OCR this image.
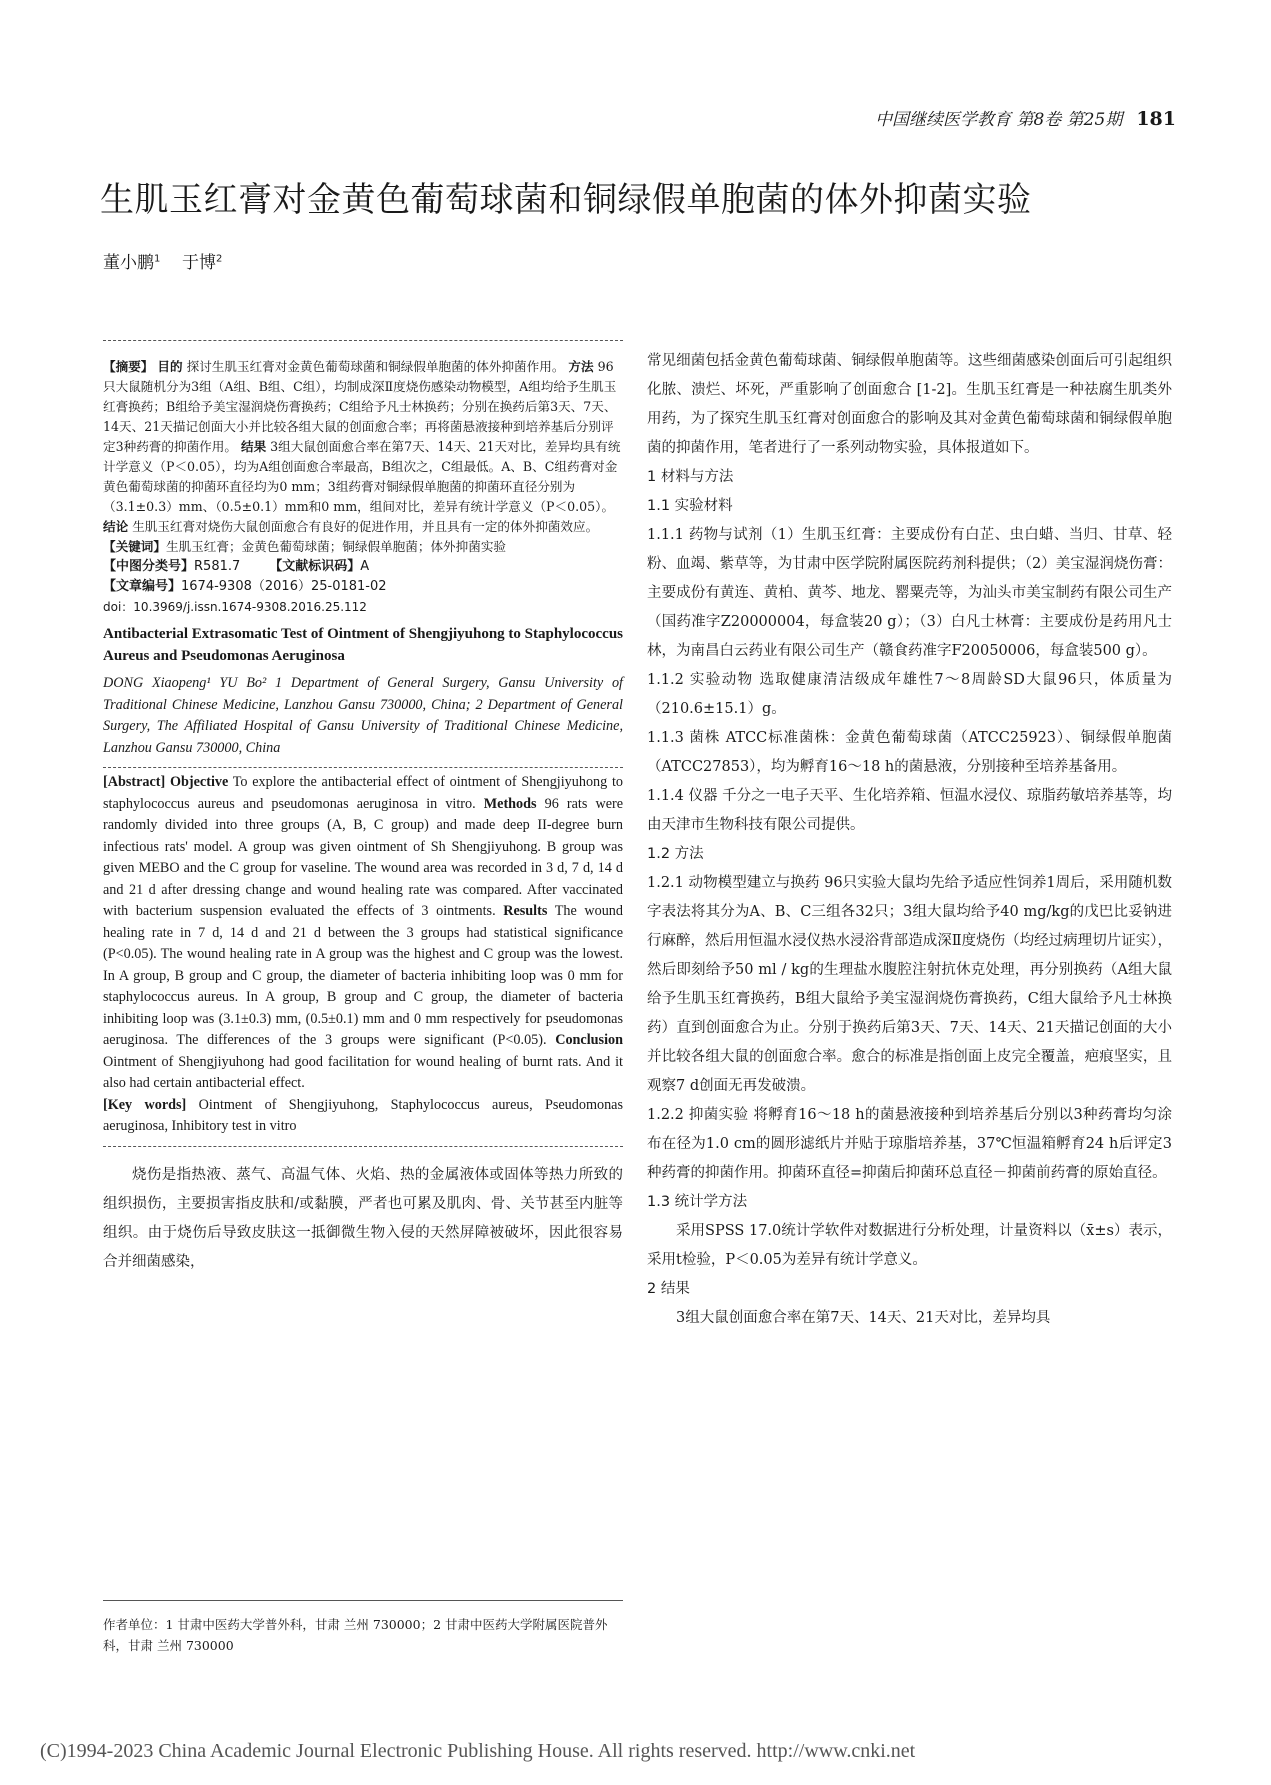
中国继续医学教育 第8卷 第25期 181
生肌玉红膏对金黄色葡萄球菌和铜绿假单胞菌的体外抑菌实验
董小鹏$^1$ 于博$^2$

【摘要】 目的 探讨生肌玉红膏对金黄色葡萄球菌和铜绿假单胞菌的体外抑菌作用。 方法 96只大鼠随机分为3组（A组、B组、C组），均制成深Ⅱ度烧伤感染动物模型，A组均给予生肌玉红膏换药；B组给予美宝湿润烧伤膏换药；C组给予凡士林换药；分别在换药后第3天、7天、14天、21天描记创面大小并比较各组大鼠的创面愈合率；再将菌悬液接种到培养基后分别评定3种药膏的抑菌作用。 结果 3组大鼠创面愈合率在第7天、14天、21天对比，差异均具有统计学意义（P＜0.05），均为A组创面愈合率最高，B组次之，C组最低。A、B、C组药膏对金黄色葡萄球菌的抑菌环直径均为0 mm；3组药膏对铜绿假单胞菌的抑菌环直径分别为（3.1±0.3）mm、（0.5±0.1）mm和0 mm，组间对比，差异有统计学意义（P＜0.05）。 结论 生肌玉红膏对烧伤大鼠创面愈合有良好的促进作用，并且具有一定的体外抑菌效应。

【关键词】生肌玉红膏；金黄色葡萄球菌；铜绿假单胞菌；体外抑菌实验

【中图分类号】R581.7 【文献标识码】A

【文章编号】1674-9308（2016）25-0181-02

doi：10.3969/j.issn.1674-9308.2016.25.112

Antibacterial Extrasomatic Test of Ointment of Shengjiyuhong to Staphylococcus Aureus and Pseudomonas Aeruginosa

DONG Xiaopeng¹ YU Bo² 1 Department of General Surgery, Gansu University of Traditional Chinese Medicine, Lanzhou Gansu 730000, China; 2 Department of General Surgery, The Affiliated Hospital of Gansu University of Traditional Chinese Medicine, Lanzhou Gansu 730000, China

[Abstract] Objective To explore the antibacterial effect of ointment of Shengjiyuhong to staphylococcus aureus and pseudomonas aeruginosa in vitro. Methods 96 rats were randomly divided into three groups (A, B, C group) and made deep II-degree burn infectious rats' model. A group was given ointment of Sh Shengjiyuhong. B group was given MEBO and the C group for vaseline. The wound area was recorded in 3 d, 7 d, 14 d and 21 d after dressing change and wound healing rate was compared. After vaccinated with bacterium suspension evaluated the effects of 3 ointments. Results The wound healing rate in 7 d, 14 d and 21 d between the 3 groups had statistical significance (P<0.05). The wound healing rate in A group was the highest and C group was the lowest. In A group, B group and C group, the diameter of bacteria inhibiting loop was 0 mm for staphylococcus aureus. In A group, B group and C group, the diameter of bacteria inhibiting loop was (3.1±0.3) mm, (0.5±0.1) mm and 0 mm respectively for pseudomonas aeruginosa. The differences of the 3 groups were significant (P<0.05). Conclusion Ointment of Shengjiyuhong had good facilitation for wound healing of burnt rats. And it also had certain antibacterial effect.

[Key words] Ointment of Shengjiyuhong, Staphylococcus aureus, Pseudomonas aeruginosa, Inhibitory test in vitro

烧伤是指热液、蒸气、高温气体、火焰、热的金属液体或固体等热力所致的组织损伤，主要损害指皮肤和/或黏膜，严者也可累及肌肉、骨、关节甚至内脏等组织。由于烧伤后导致皮肤这一抵御微生物入侵的天然屏障被破坏，因此很容易合并细菌感染，

作者单位：1 甘肃中医药大学普外科，甘肃 兰州 730000；2 甘肃中医药大学附属医院普外科，甘肃 兰州 730000

常见细菌包括金黄色葡萄球菌、铜绿假单胞菌等。这些细菌感染创面后可引起组织化脓、溃烂、坏死，严重影响了创面愈合 [1-2]。生肌玉红膏是一种祛腐生肌类外用药，为了探究生肌玉红膏对创面愈合的影响及其对金黄色葡萄球菌和铜绿假单胞菌的抑菌作用，笔者进行了一系列动物实验，具体报道如下。

1 材料与方法

1.1 实验材料

1.1.1 药物与试剂（1）生肌玉红膏：主要成份有白芷、虫白蜡、当归、甘草、轻粉、血竭、紫草等，为甘肃中医学院附属医院药剂科提供；（2）美宝湿润烧伤膏：主要成份有黄连、黄柏、黄芩、地龙、罂粟壳等，为汕头市美宝制药有限公司生产（国药准字Z20000004，每盒装20 g）；（3）白凡士林膏：主要成份是药用凡士林，为南昌白云药业有限公司生产（赣食药准字F20050006，每盒装500 g）。

1.1.2 实验动物 选取健康清洁级成年雄性7～8周龄SD大鼠96只，体质量为（210.6±15.1）g。

1.1.3 菌株 ATCC标准菌株：金黄色葡萄球菌（ATCC25923）、铜绿假单胞菌（ATCC27853），均为孵育16～18 h的菌悬液，分别接种至培养基备用。

1.1.4 仪器 千分之一电子天平、生化培养箱、恒温水浸仪、琼脂药敏培养基等，均由天津市生物科技有限公司提供。

1.2 方法

1.2.1 动物模型建立与换药 96只实验大鼠均先给予适应性饲养1周后，采用随机数字表法将其分为A、B、C三组各32只；3组大鼠均给予40 mg/kg的戊巴比妥钠进行麻醉，然后用恒温水浸仪热水浸浴背部造成深Ⅱ度烧伤（均经过病理切片证实），然后即刻给予50 ml / kg的生理盐水腹腔注射抗休克处理，再分别换药（A组大鼠给予生肌玉红膏换药，B组大鼠给予美宝湿润烧伤膏换药，C组大鼠给予凡士林换药）直到创面愈合为止。分别于换药后第3天、7天、14天、21天描记创面的大小并比较各组大鼠的创面愈合率。愈合的标准是指创面上皮完全覆盖，疤痕坚实，且观察7 d创面无再发破溃。

1.2.2 抑菌实验 将孵育16～18 h的菌悬液接种到培养基后分别以3种药膏均匀涂布在径为1.0 cm的圆形滤纸片并贴于琼脂培养基，37℃恒温箱孵育24 h后评定3种药膏的抑菌作用。抑菌环直径=抑菌后抑菌环总直径－抑菌前药膏的原始直径。

1.3 统计学方法

采用SPSS 17.0统计学软件对数据进行分析处理，计量资料以（x̄±s）表示，采用t检验，P＜0.05为差异有统计学意义。

2 结果

3组大鼠创面愈合率在第7天、14天、21天对比，差异均具

(C)1994-2023 China Academic Journal Electronic Publishing House. All rights reserved. http://www.cnki.net
